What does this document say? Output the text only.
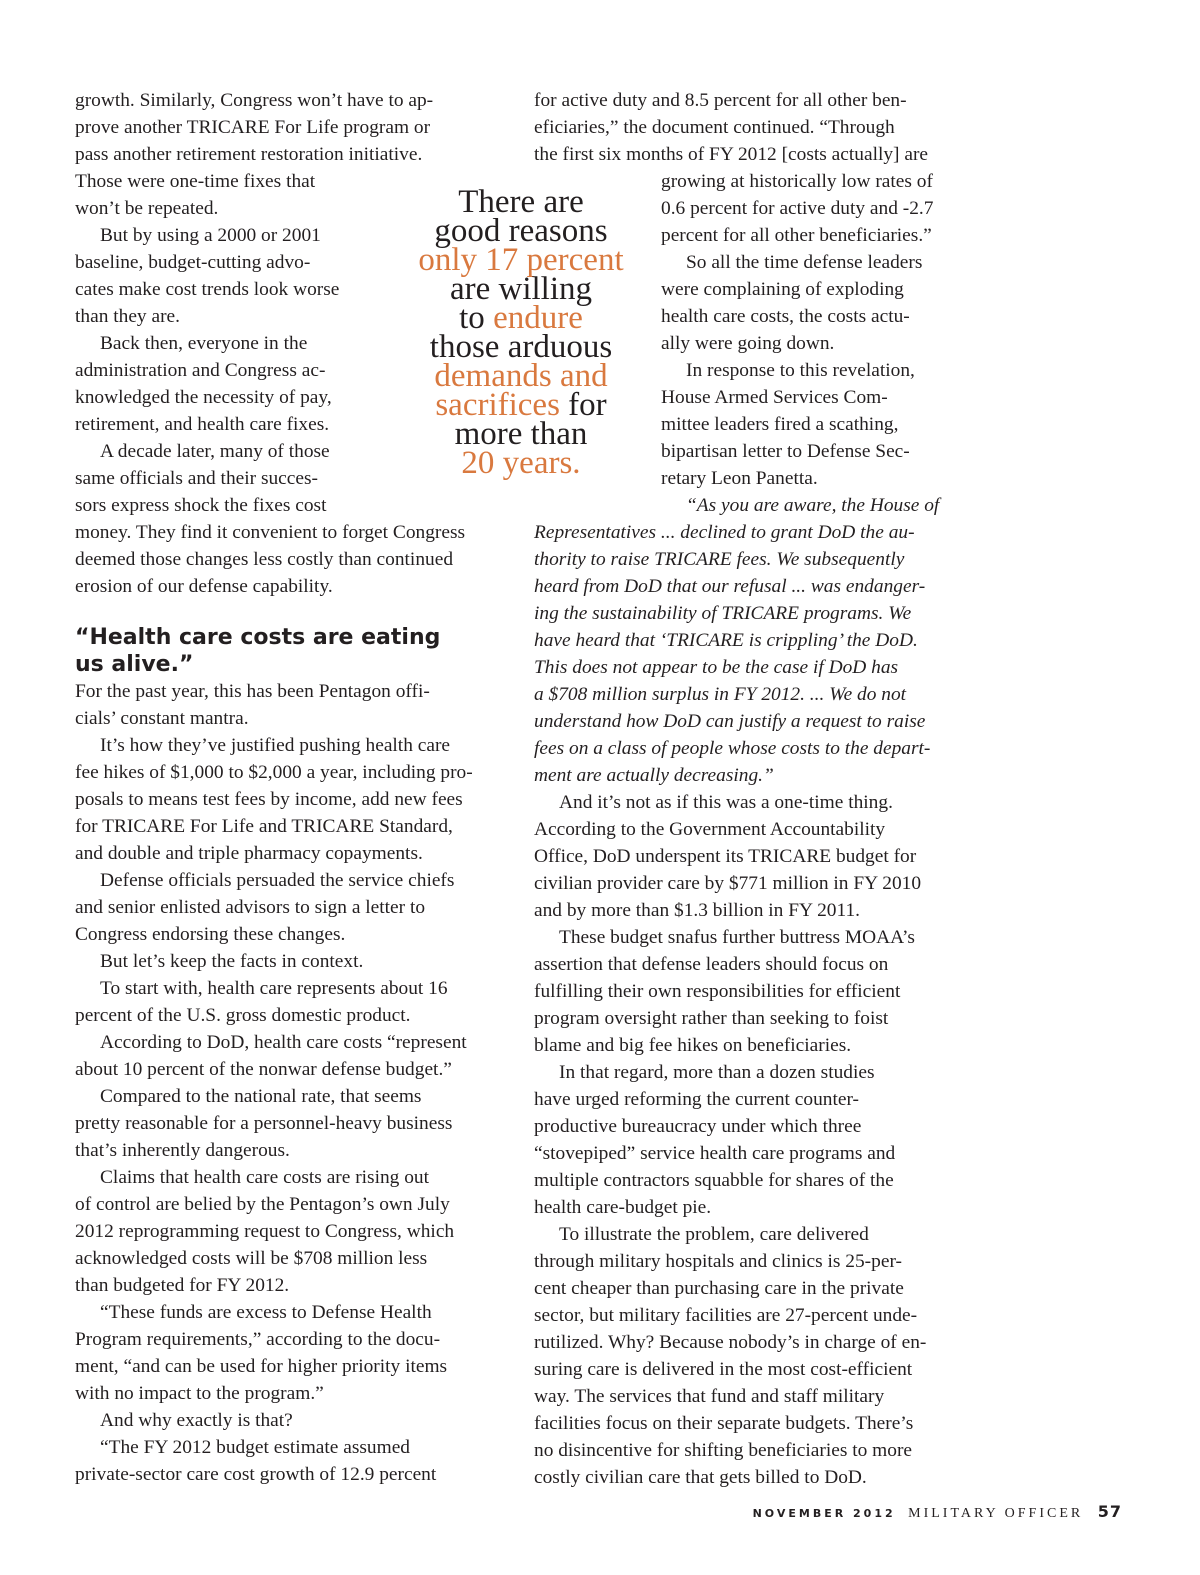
growth. Similarly, Congress won’t have to ap-
prove another TRICARE For Life program or
pass another retirement restoration initiative.
Those were one-time fixes that
won’t be repeated.

But by using a 2000 or 2001
baseline, budget-cutting advo-
cates make cost trends look worse
than they are.

Back then, everyone in the
administration and Congress ac-
knowledged the necessity of pay,
retirement, and health care fixes.

A decade later, many of those
same officials and their succes-
sors express shock the fixes cost
money. They find it convenient to forget Congress
deemed those changes less costly than continued
erosion of our defense capability.

“Health care costs are eating
us alive.”

For the past year, this has been Pentagon offi-
cials’ constant mantra.

It’s how they’ve justified pushing health care
fee hikes of $1,000 to $2,000 a year, including pro-
posals to means test fees by income, add new fees
for TRICARE For Life and TRICARE Standard,
and double and triple pharmacy copayments.

Defense officials persuaded the service chiefs
and senior enlisted advisors to sign a letter to
Congress endorsing these changes.

But let’s keep the facts in context.

To start with, health care represents about 16
percent of the U.S. gross domestic product.

According to DoD, health care costs “represent
about 10 percent of the nonwar defense budget.”

Compared to the national rate, that seems
pretty reasonable for a personnel-heavy business
that’s inherently dangerous.

Claims that health care costs are rising out
of control are belied by the Pentagon’s own July
2012 reprogramming request to Congress, which
acknowledged costs will be $708 million less
than budgeted for FY 2012.

“These funds are excess to Defense Health
Program requirements,” according to the docu-
ment, “and can be used for higher priority items
with no impact to the program.”

And why exactly is that?

“The FY 2012 budget estimate assumed
private-sector care cost growth of 12.9 percent

There are
good reasons
only 17 percent
are willing
to endure
those arduous
demands and
sacrifices for
more than
20 years.

for active duty and 8.5 percent for all other ben-
eficiaries,” the document continued. “Through
the first six months of FY 2012 [costs actually] are
growing at historically low rates of
0.6 percent for active duty and -2.7
percent for all other beneficiaries.”

So all the time defense leaders
were complaining of exploding
health care costs, the costs actu-
ally were going down.

In response to this revelation,
House Armed Services Com-
mittee leaders fired a scathing,
bipartisan letter to Defense Sec-
retary Leon Panetta.

“As you are aware, the House of
Representatives ... declined to grant DoD the au-
thority to raise TRICARE fees. We subsequently
heard from DoD that our refusal ... was endanger-
ing the sustainability of TRICARE programs. We
have heard that ‘TRICARE is crippling’ the DoD.
This does not appear to be the case if DoD has
a $708 million surplus in FY 2012. ... We do not
understand how DoD can justify a request to raise
fees on a class of people whose costs to the depart-
ment are actually decreasing.”

And it’s not as if this was a one-time thing.
According to the Government Accountability
Office, DoD underspent its TRICARE budget for
civilian provider care by $771 million in FY 2010
and by more than $1.3 billion in FY 2011.

These budget snafus further buttress MOAA’s
assertion that defense leaders should focus on
fulfilling their own responsibilities for efficient
program oversight rather than seeking to foist
blame and big fee hikes on beneficiaries.

In that regard, more than a dozen studies
have urged reforming the current counter-
productive bureaucracy under which three
“stovepiped” service health care programs and
multiple contractors squabble for shares of the
health care-budget pie.

To illustrate the problem, care delivered
through military hospitals and clinics is 25-per-
cent cheaper than purchasing care in the private
sector, but military facilities are 27-percent unde-
rutilized. Why? Because nobody’s in charge of en-
suring care is delivered in the most cost-efficient
way. The services that fund and staff military
facilities focus on their separate budgets. There’s
no disincentive for shifting beneficiaries to more
costly civilian care that gets billed to DoD.

NOVEMBER 2012 MILITARY OFFICER 57
